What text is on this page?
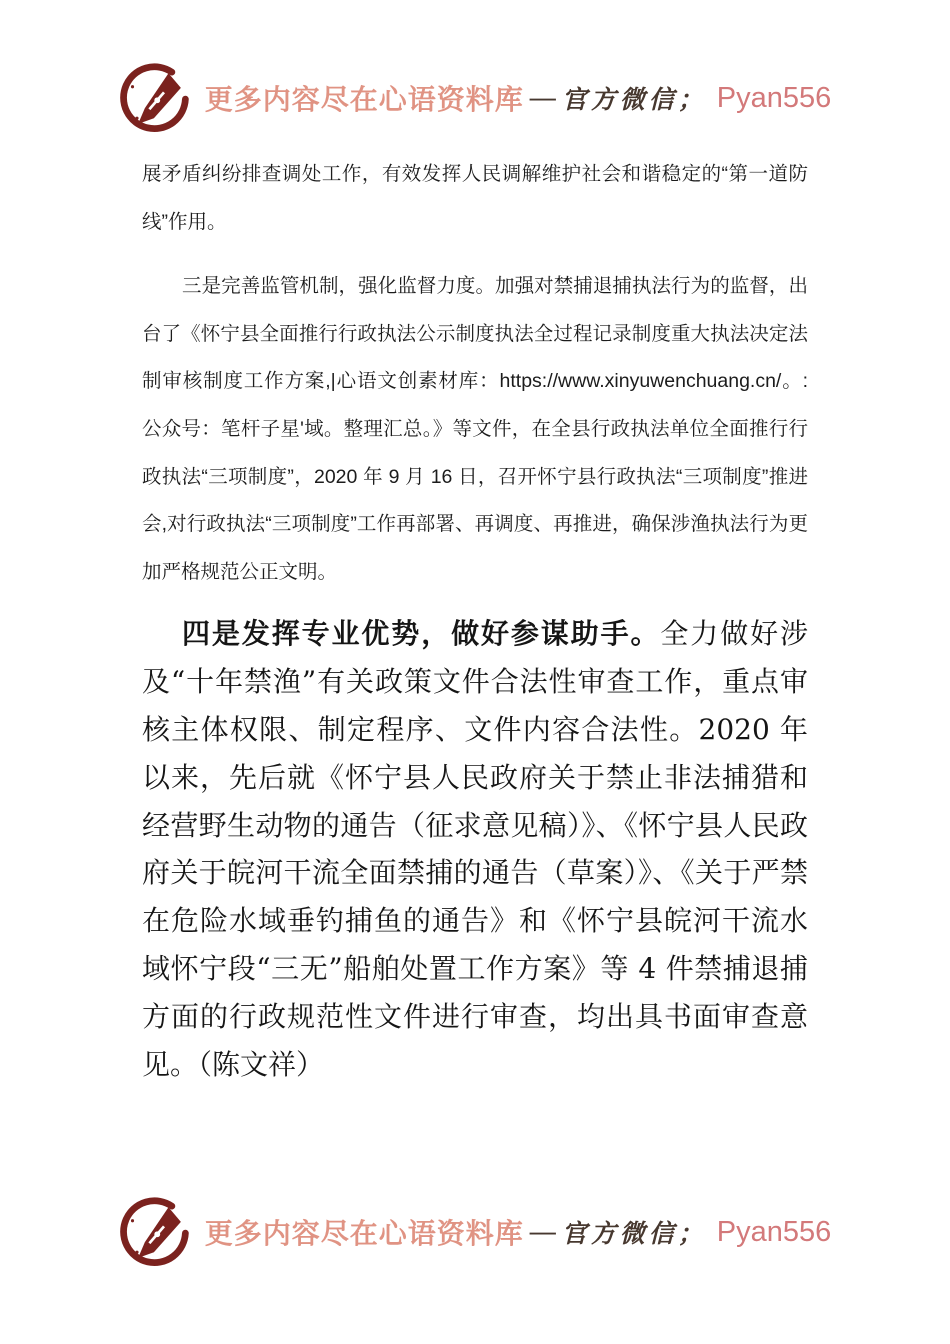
更多内容尽在心语资料库 — 官方微信； Pyan556

展矛盾纠纷排查调处工作，有效发挥人民调解维护社会和谐稳定的“第一道防线”作用。

三是完善监管机制，强化监督力度。加强对禁捕退捕执法行为的监督，出台了《怀宁县全面推行行政执法公示制度执法全过程记录制度重大执法决定法制审核制度工作方案,|心语文创素材库：https://www.xinyuwenchuang.cn/。:公众号：笔杆子星'域。整理汇总。》等文件，在全县行政执法单位全面推行行政执法“三项制度”，2020 年 9 月 16 日，召开怀宁县行政执法“三项制度”推进会,对行政执法“三项制度”工作再部署、再调度、再推进，确保涉渔执法行为更加严格规范公正文明。

四是发挥专业优势，做好参谋助手。全力做好涉及“十年禁渔”有关政策文件合法性审查工作，重点审核主体权限、制定程序、文件内容合法性。2020 年以来，先后就《怀宁县人民政府关于禁止非法捕猎和经营野生动物的通告（征求意见稿）》、《怀宁县人民政府关于皖河干流全面禁捕的通告（草案）》、《关于严禁在危险水域垂钓捕鱼的通告》和《怀宁县皖河干流水域怀宁段“三无”船舶处置工作方案》等 4 件禁捕退捕方面的行政规范性文件进行审查，均出具书面审查意见。（陈文祥）

更多内容尽在心语资料库 — 官方微信； Pyan556
